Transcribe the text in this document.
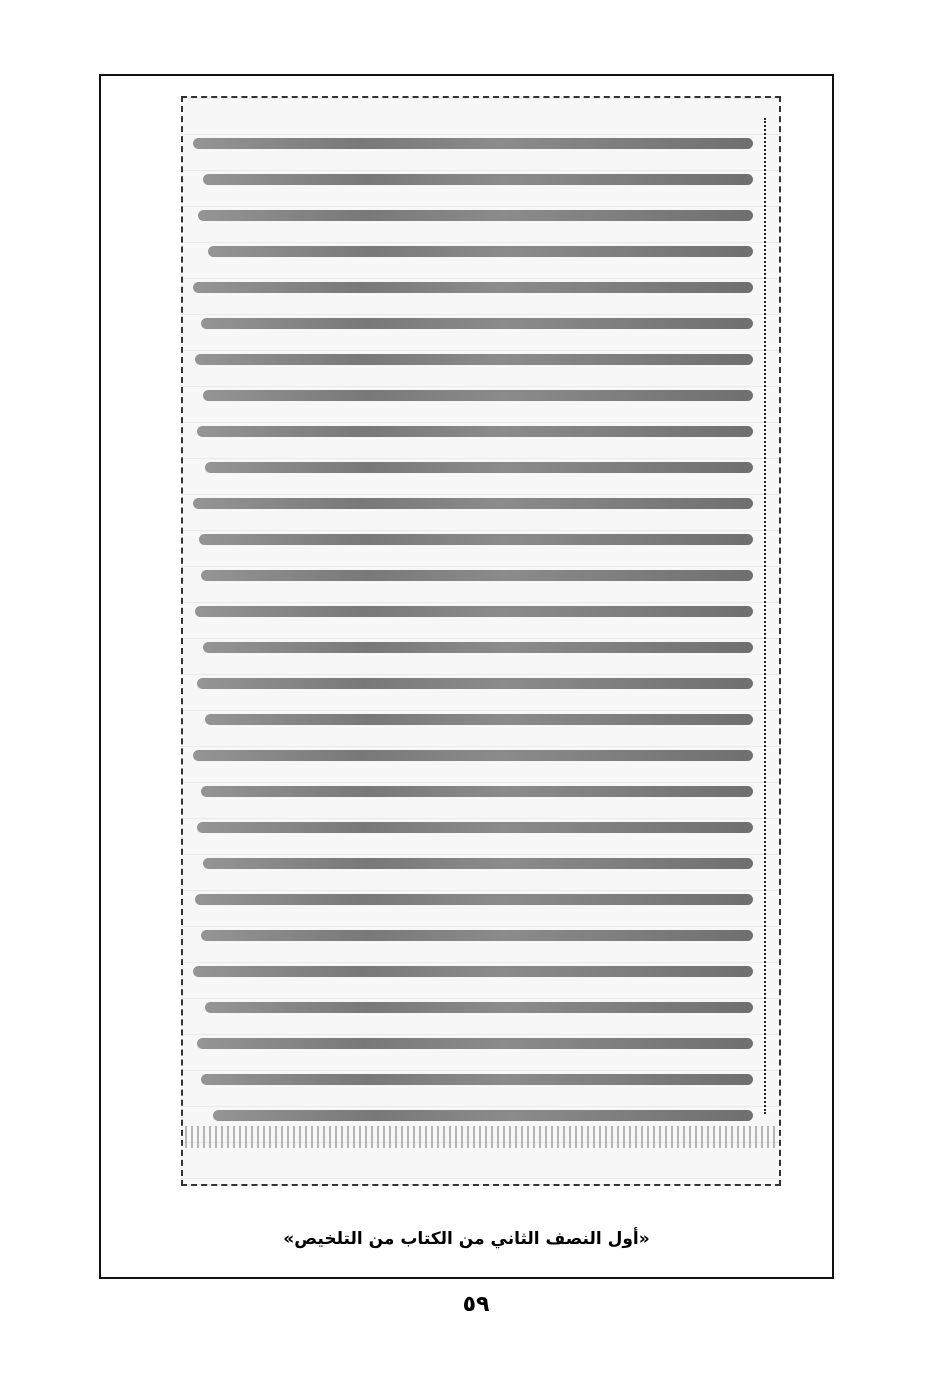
«أول النصف الثاني من الكتاب من التلخيص»
٥٩
